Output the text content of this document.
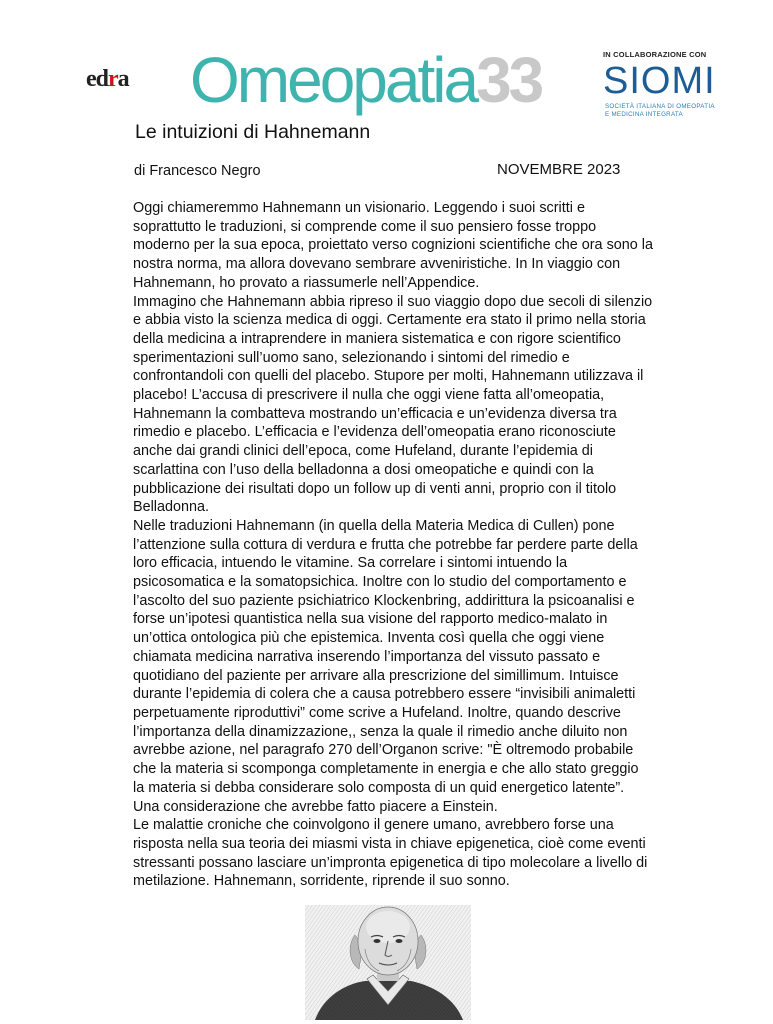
edra Omeopatia33	IN COLLABORAZIONE CON
SIOMI
SOCIETÀ ITALIANA DI OMEOPATIA
E MEDICINA INTEGRATA
Le intuizioni di Hahnemann
di Francesco Negro	NOVEMBRE 2023

Oggi chiameremmo Hahnemann un visionario. Leggendo i suoi scritti e soprattutto le traduzioni, si comprende come il suo pensiero fosse troppo moderno per la sua epoca, proiettato verso cognizioni scientifiche che ora sono la nostra norma, ma allora dovevano sembrare avveniristiche. In In viaggio con Hahnemann, ho provato a riassumerle nell’Appendice.

Immagino che Hahnemann abbia ripreso il suo viaggio dopo due secoli di silenzio e abbia visto la scienza medica di oggi. Certamente era stato il primo nella storia della medicina a intraprendere in maniera sistematica e con rigore scientifico sperimentazioni sull’uomo sano, selezionando i sintomi del rimedio e confrontandoli con quelli del placebo. Stupore per molti, Hahnemann utilizzava il placebo! L’accusa di prescrivere il nulla che oggi viene fatta all’omeopatia, Hahnemann la combatteva mostrando un’efficacia e un’evidenza diversa tra rimedio e placebo. L’efficacia e l’evidenza dell’omeopatia erano riconosciute anche dai grandi clinici dell’epoca, come Hufeland, durante l’epidemia di scarlattina con l’uso della belladonna a dosi omeopatiche e quindi con la pubblicazione dei risultati dopo un follow up di venti anni, proprio con il titolo Belladonna.

Nelle traduzioni Hahnemann (in quella della Materia Medica di Cullen) pone l’attenzione sulla cottura di verdura e frutta che potrebbe far perdere parte della loro efficacia, intuendo le vitamine. Sa correlare i sintomi intuendo la psicosomatica e la somatopsichica. Inoltre con lo studio del comportamento e l’ascolto del suo paziente psichiatrico Klockenbring, addirittura la psicoanalisi e forse un’ipotesi quantistica nella sua visione del rapporto medico-malato in un’ottica ontologica più che epistemica. Inventa così quella che oggi viene chiamata medicina narrativa inserendo l’importanza del vissuto passato e quotidiano del paziente per arrivare alla prescrizione del simillimum. Intuisce durante l’epidemia di colera che a causa potrebbero essere “invisibili animaletti perpetuamente riproduttivi” come scrive a Hufeland. Inoltre, quando descrive l’importanza della dinamizzazione,, senza la quale il rimedio anche diluito non avrebbe azione, nel paragrafo 270 dell’Organon scrive: "È oltremodo probabile che la materia si scomponga completamente in energia e che allo stato greggio la materia si debba considerare solo composta di un quid energetico latente”. Una considerazione che avrebbe fatto piacere a Einstein.

Le malattie croniche che coinvolgono il genere umano, avrebbero forse una risposta nella sua teoria dei miasmi vista in chiave epigenetica, cioè come eventi stressanti possano lasciare un’impronta epigenetica di tipo molecolare a livello di metilazione. Hahnemann, sorridente, riprende il suo sonno.
